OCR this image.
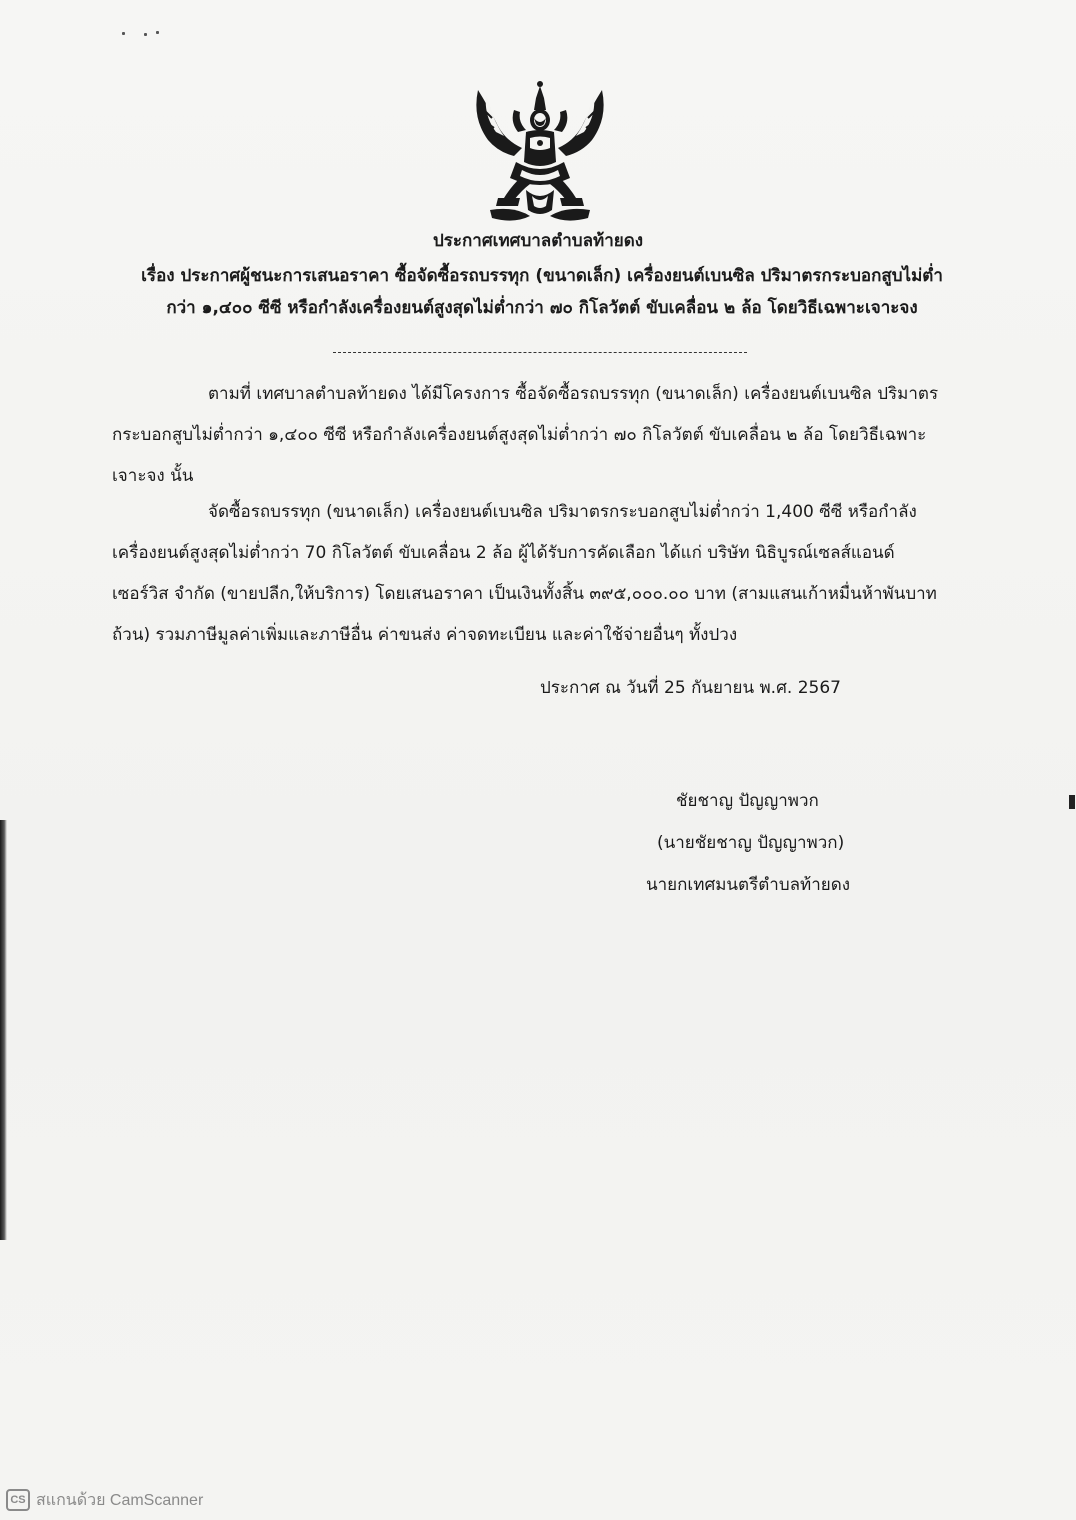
ประกาศเทศบาลตำบลท้ายดง
เรื่อง ประกาศผู้ชนะการเสนอราคา ซื้อจัดซื้อรถบรรทุก (ขนาดเล็ก) เครื่องยนต์เบนซิล ปริมาตรกระบอกสูบไม่ต่ำ
กว่า ๑,๔๐๐ ซีซี หรือกำลังเครื่องยนต์สูงสุดไม่ต่ำกว่า ๗๐ กิโลวัตต์ ขับเคลื่อน ๒ ล้อ โดยวิธีเฉพาะเจาะจง
ตามที่ เทศบาลตำบลท้ายดง ได้มีโครงการ ซื้อจัดซื้อรถบรรทุก (ขนาดเล็ก) เครื่องยนต์เบนซิล ปริมาตร
กระบอกสูบไม่ต่ำกว่า ๑,๔๐๐ ซีซี หรือกำลังเครื่องยนต์สูงสุดไม่ต่ำกว่า ๗๐ กิโลวัตต์ ขับเคลื่อน ๒ ล้อ โดยวิธีเฉพาะ
เจาะจง นั้น
จัดซื้อรถบรรทุก (ขนาดเล็ก) เครื่องยนต์เบนซิล ปริมาตรกระบอกสูบไม่ต่ำกว่า 1,400 ซีซี หรือกำลัง
เครื่องยนต์สูงสุดไม่ต่ำกว่า 70 กิโลวัตต์ ขับเคลื่อน 2 ล้อ ผู้ได้รับการคัดเลือก ได้แก่ บริษัท นิธิบูรณ์เซลส์แอนด์
เซอร์วิส จำกัด (ขายปลีก,ให้บริการ) โดยเสนอราคา เป็นเงินทั้งสิ้น ๓๙๕,๐๐๐.๐๐ บาท (สามแสนเก้าหมื่นห้าพันบาท
ถ้วน) รวมภาษีมูลค่าเพิ่มและภาษีอื่น ค่าขนส่ง ค่าจดทะเบียน และค่าใช้จ่ายอื่นๆ ทั้งปวง
ประกาศ ณ วันที่ 25 กันยายน พ.ศ. 2567
ชัยชาญ ปัญญาพวก
(นายชัยชาญ ปัญญาพวก)
นายกเทศมนตรีตำบลท้ายดง
CS สแกนด้วย CamScanner
